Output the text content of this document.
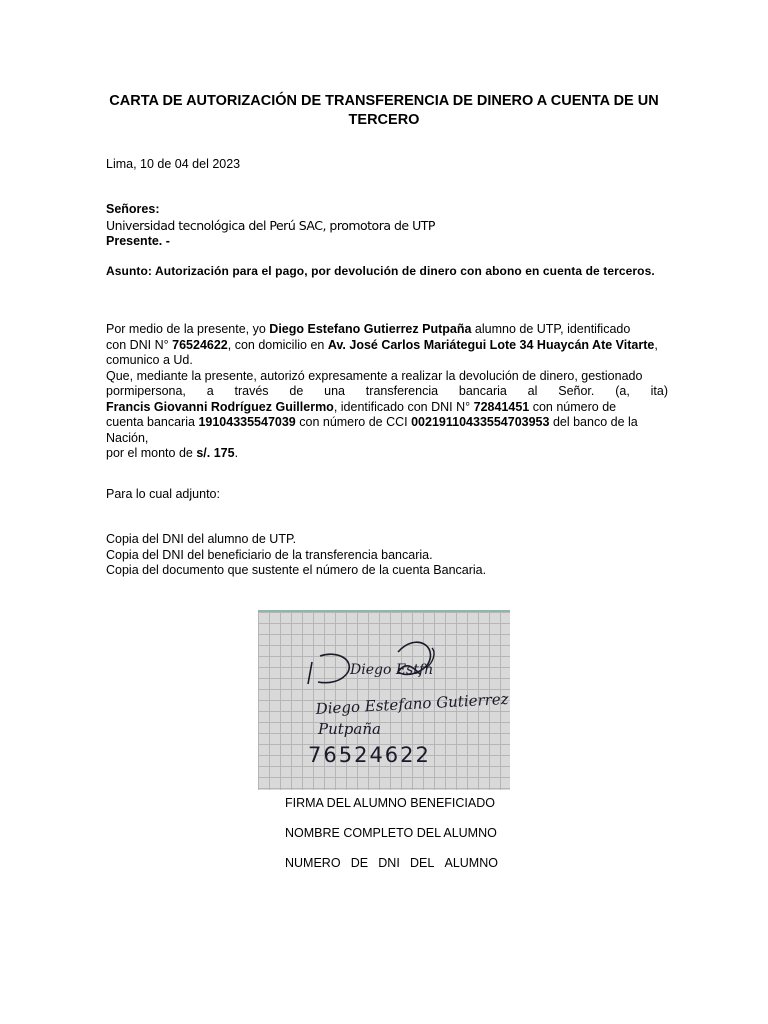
CARTA DE AUTORIZACIÓN DE TRANSFERENCIA DE DINERO A CUENTA DE UN TERCERO

Lima, 10 de 04 del 2023

Señores:

Universidad tecnológica del Perú SAC, promotora de UTP

Presente. -

Asunto: Autorización para el pago, por devolución de dinero con abono en cuenta de terceros.

Por medio de la presente, yo Diego Estefano Gutierrez Putpaña alumno de UTP, identificado
con DNI N° 76524622, con domicilio en Av. José Carlos Mariátegui Lote 34 Huaycán Ate Vitarte,
comunico a Ud.
Que, mediante la presente, autorizó expresamente a realizar la devolución de dinero, gestionado
pormipersona, a través de una transferencia bancaria al Señor. (a, ita)
Francis Giovanni Rodríguez Guillermo, identificado con DNI N° 72841451 con número de
cuenta bancaria 19104335547039 con número de CCI 00219110433554703953 del banco de la
Nación,
por el monto de s/. 175.

Para lo cual adjunto:

Copia del DNI del alumno de UTP.
Copia del DNI del beneficiario de la transferencia bancaria.
Copia del documento que sustente el número de la cuenta Bancaria.
Diego Estfn
Diego Estefano Gutierrez
Putpaña
76524622

FIRMA DEL ALUMNO BENEFICIADO

NOMBRE COMPLETO DEL ALUMNO

NUMERO DE DNI DEL ALUMNO
